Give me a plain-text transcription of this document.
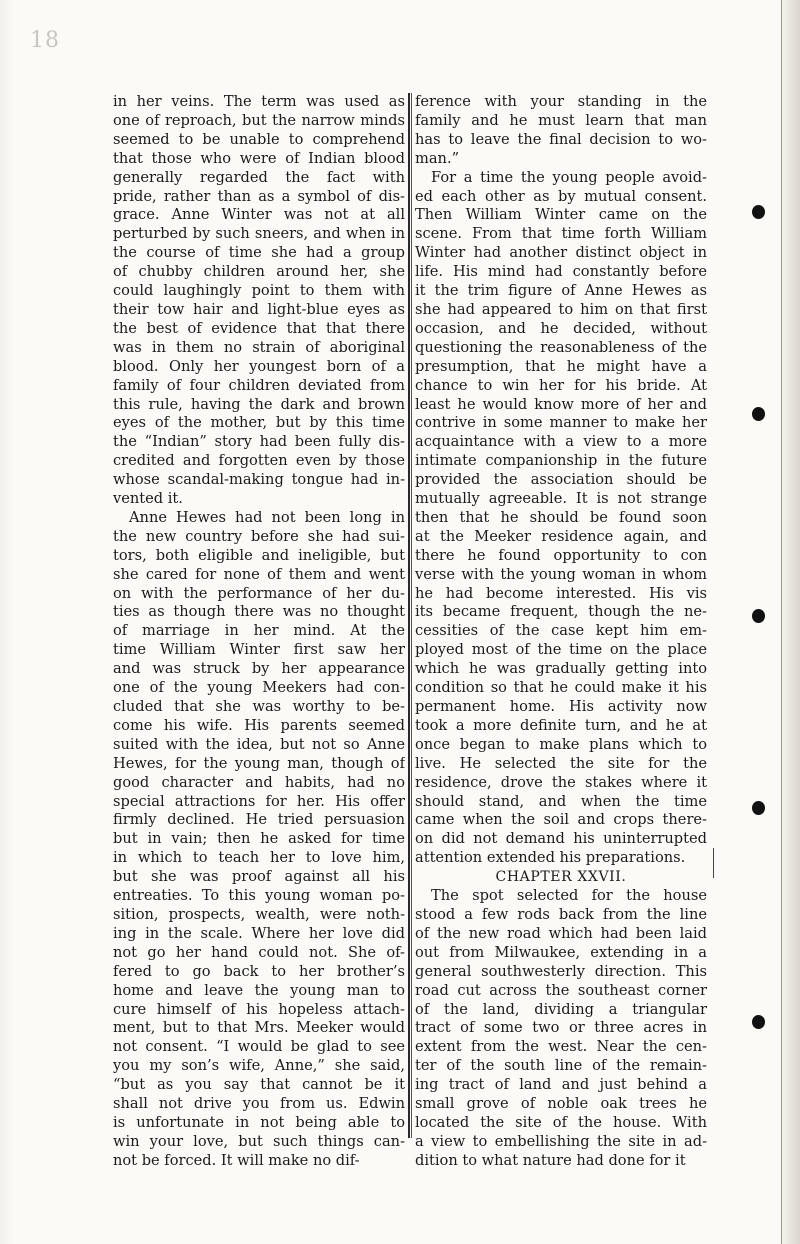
18
in her veins. The term was used as
one of reproach, but the narrow minds
seemed to be unable to comprehend
that those who were of Indian blood
generally regarded the fact with
pride, rather than as a symbol of dis-
grace. Anne Winter was not at all
perturbed by such sneers, and when in
the course of time she had a group
of chubby children around her, she
could laughingly point to them with
their tow hair and light-blue eyes as
the best of evidence that that there
was in them no strain of aboriginal
blood. Only her youngest born of a
family of four children deviated from
this rule, having the dark and brown
eyes of the mother, but by this time
the “Indian” story had been fully dis-
credited and forgotten even by those
whose scandal-making tongue had in-
vented it.
Anne Hewes had not been long in
the new country before she had sui-
tors, both eligible and ineligible, but
she cared for none of them and went
on with the performance of her du-
ties as though there was no thought
of marriage in her mind. At the
time William Winter first saw her
and was struck by her appearance
one of the young Meekers had con-
cluded that she was worthy to be-
come his wife. His parents seemed
suited with the idea, but not so Anne
Hewes, for the young man, though of
good character and habits, had no
special attractions for her. His offer
firmly declined. He tried persuasion
but in vain; then he asked for time
in which to teach her to love him,
but she was proof against all his
entreaties. To this young woman po-
sition, prospects, wealth, were noth-
ing in the scale. Where her love did
not go her hand could not. She of-
fered to go back to her brother’s
home and leave the young man to
cure himself of his hopeless attach-
ment, but to that Mrs. Meeker would
not consent. “I would be glad to see
you my son’s wife, Anne,” she said,
“but as you say that cannot be it
shall not drive you from us. Edwin
is unfortunate in not being able to
win your love, but such things can-
not be forced. It will make no dif-
ference with your standing in the
family and he must learn that man
has to leave the final decision to wo-
man.”
For a time the young people avoid-
ed each other as by mutual consent.
Then William Winter came on the
scene. From that time forth William
Winter had another distinct object in
life. His mind had constantly before
it the trim figure of Anne Hewes as
she had appeared to him on that first
occasion, and he decided, without
questioning the reasonableness of the
presumption, that he might have a
chance to win her for his bride. At
least he would know more of her and
contrive in some manner to make her
acquaintance with a view to a more
intimate companionship in the future
provided the association should be
mutually agreeable. It is not strange
then that he should be found soon
at the Meeker residence again, and
there he found opportunity to con
verse with the young woman in whom
he had become interested. His vis
its became frequent, though the ne-
cessities of the case kept him em-
ployed most of the time on the place
which he was gradually getting into
condition so that he could make it his
permanent home. His activity now
took a more definite turn, and he at
once began to make plans which to
live. He selected the site for the
residence, drove the stakes where it
should stand, and when the time
came when the soil and crops there-
on did not demand his uninterrupted
attention extended his preparations.
CHAPTER XXVII.
The spot selected for the house
stood a few rods back from the line
of the new road which had been laid
out from Milwaukee, extending in a
general southwesterly direction. This
road cut across the southeast corner
of the land, dividing a triangular
tract of some two or three acres in
extent from the west. Near the cen-
ter of the south line of the remain-
ing tract of land and just behind a
small grove of noble oak trees he
located the site of the house. With
a view to embellishing the site in ad-
dition to what nature had done for it
